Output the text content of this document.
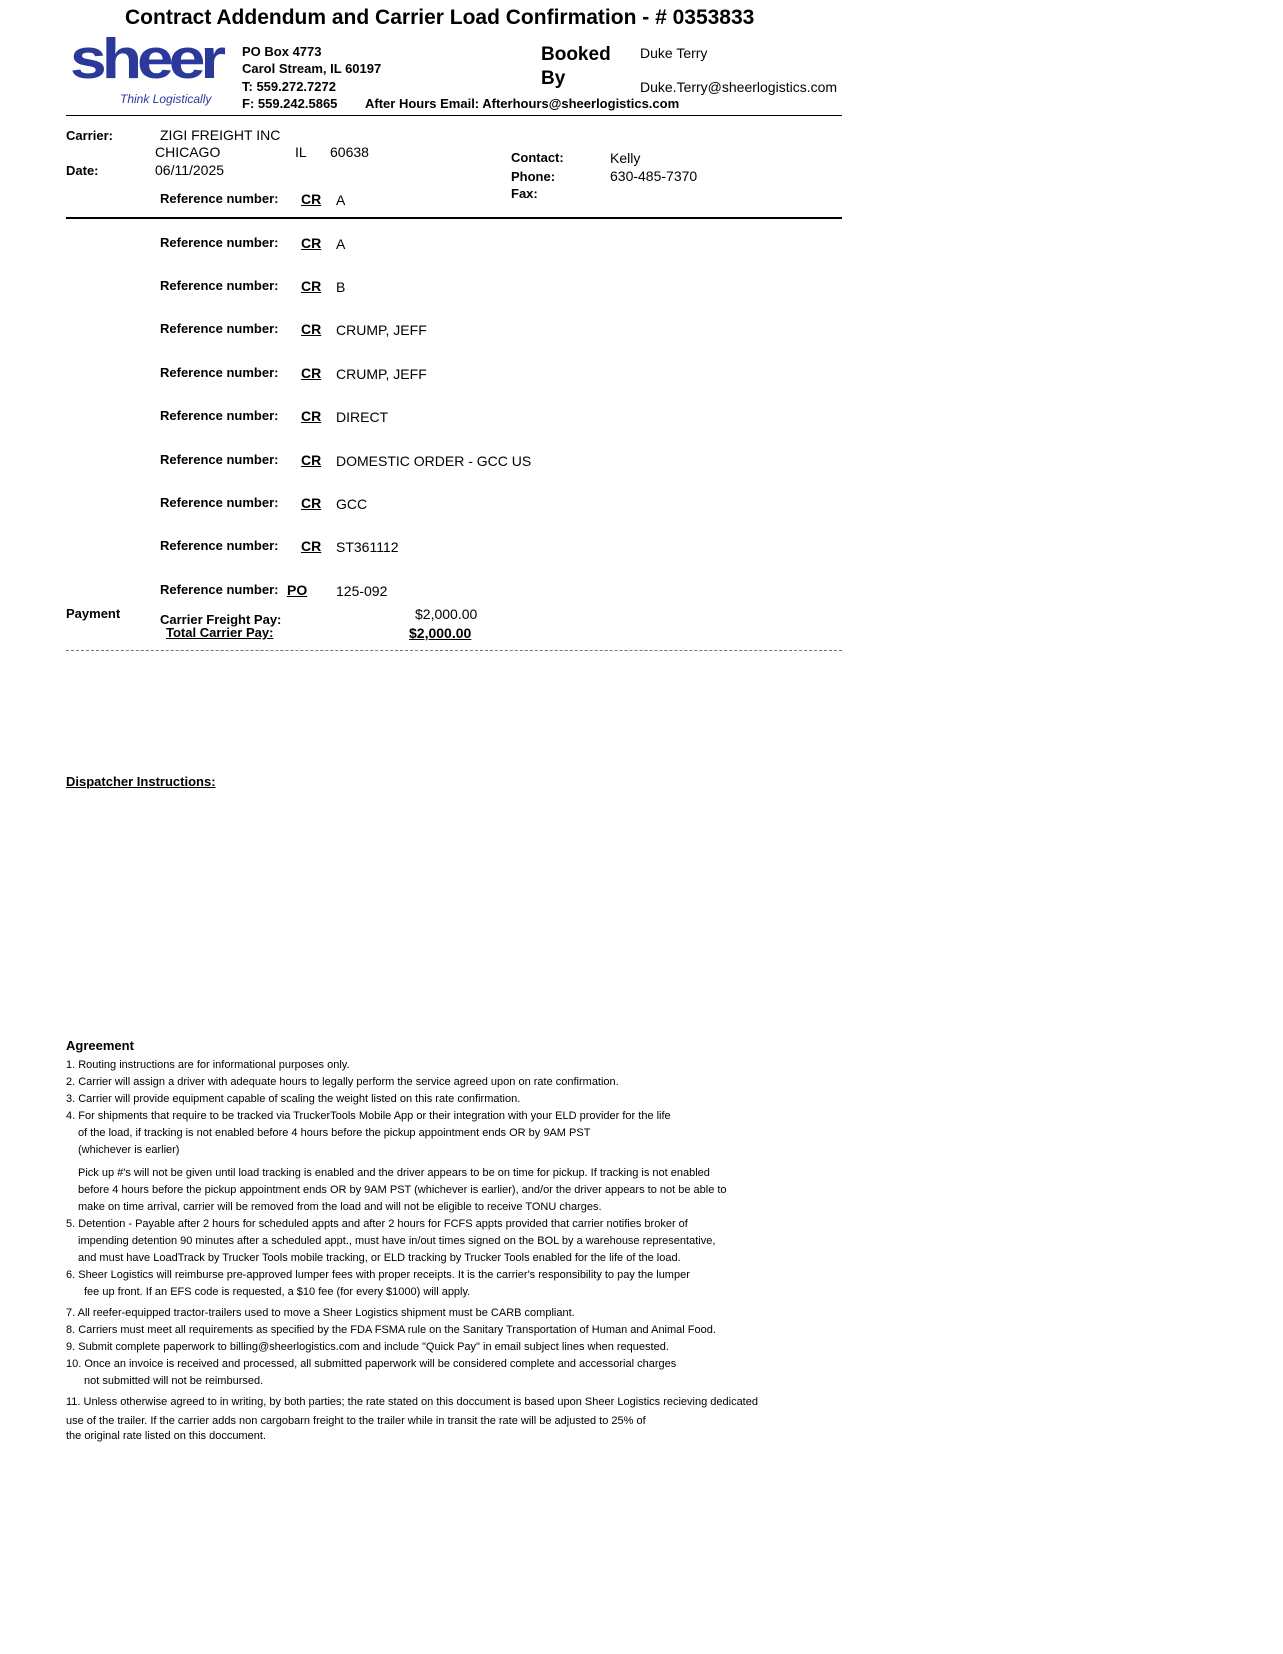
Contract Addendum and Carrier Load Confirmation - # 0353833
sheer
Think Logistically
PO Box 4773
Carol Stream, IL 60197
T: 559.272.7272
F: 559.242.5865 After Hours Email: Afterhours@sheerlogistics.com
Booked
By
Duke Terry
Duke.Terry@sheerlogistics.com
Carrier:	ZIGI FREIGHT INC
CHICAGO	IL 60638
Date:	06/11/2025
Contact:	Kelly
Phone:	630-485-7370
Fax:
Reference number: CR A
Reference number: CR A
Reference number: CR B
Reference number: CR CRUMP, JEFF
Reference number: CR CRUMP, JEFF
Reference number: CR DIRECT
Reference number: CR DOMESTIC ORDER - GCC US
Reference number: CR GCC
Reference number: CR ST361112
Reference number: PO 125-092
Payment	Carrier Freight Pay:	$2,000.00
Total Carrier Pay:	$2,000.00
Dispatcher Instructions:
Agreement
1. Routing instructions are for informational purposes only.
2. Carrier will assign a driver with adequate hours to legally perform the service agreed upon on rate confirmation.
3. Carrier will provide equipment capable of scaling the weight listed on this rate confirmation.
4. For shipments that require to be tracked via TruckerTools Mobile App or their integration with your ELD provider for the life
of the load, if tracking is not enabled before 4 hours before the pickup appointment ends OR by 9AM PST
(whichever is earlier)
Pick up #'s will not be given until load tracking is enabled and the driver appears to be on time for pickup. If tracking is not enabled
before 4 hours before the pickup appointment ends OR by 9AM PST (whichever is earlier), and/or the driver appears to not be able to
make on time arrival, carrier will be removed from the load and will not be eligible to receive TONU charges.
5. Detention - Payable after 2 hours for scheduled appts and after 2 hours for FCFS appts provided that carrier notifies broker of
impending detention 90 minutes after a scheduled appt., must have in/out times signed on the BOL by a warehouse representative,
and must have LoadTrack by Trucker Tools mobile tracking, or ELD tracking by Trucker Tools enabled for the life of the load.
6. Sheer Logistics will reimburse pre-approved lumper fees with proper receipts. It is the carrier's responsibility to pay the lumper
fee up front. If an EFS code is requested, a $10 fee (for every $1000) will apply.
7. All reefer-equipped tractor-trailers used to move a Sheer Logistics shipment must be CARB compliant.
8. Carriers must meet all requirements as specified by the FDA FSMA rule on the Sanitary Transportation of Human and Animal Food.
9. Submit complete paperwork to billing@sheerlogistics.com and include "Quick Pay" in email subject lines when requested.
10. Once an invoice is received and processed, all submitted paperwork will be considered complete and accessorial charges
not submitted will not be reimbursed.
11. Unless otherwise agreed to in writing, by both parties; the rate stated on this doccument is based upon Sheer Logistics recieving dedicated
use of the trailer. If the carrier adds non cargobarn freight to the trailer while in transit the rate will be adjusted to 25% of
the original rate listed on this doccument.
